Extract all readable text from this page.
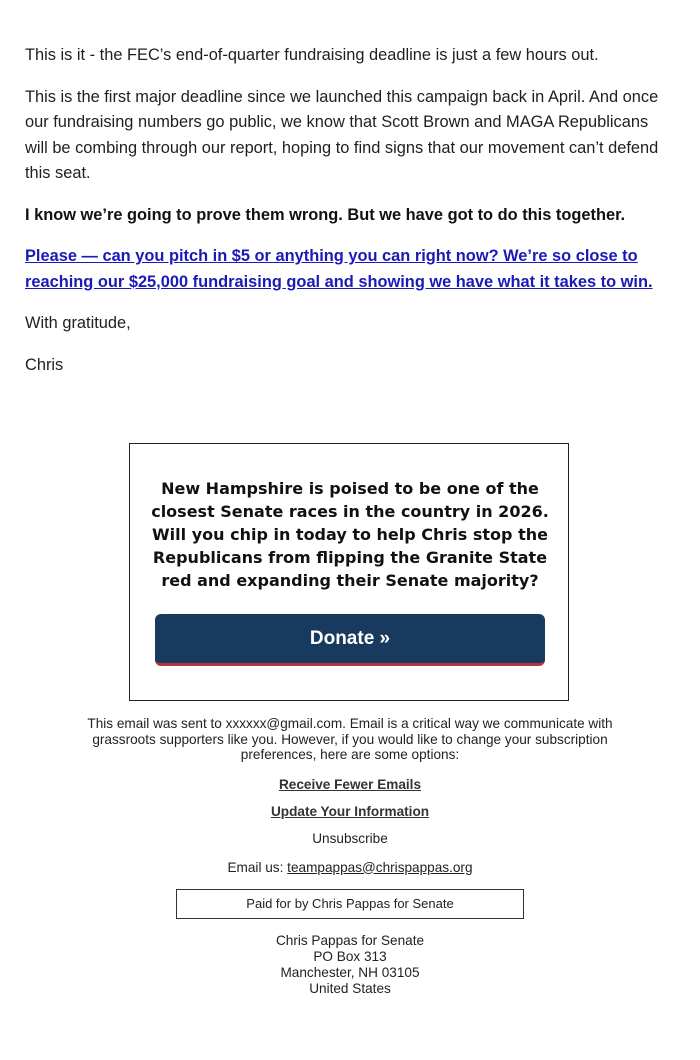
This is it - the FEC’s end-of-quarter fundraising deadline is just a few hours out.

This is the first major deadline since we launched this campaign back in April. And once our fundraising numbers go public, we know that Scott Brown and MAGA Republicans will be combing through our report, hoping to find signs that our movement can’t defend this seat.

I know we’re going to prove them wrong. But we have got to do this together.

Please — can you pitch in $5 or anything you can right now? We’re so close to reaching our $25,000 fundraising goal and showing we have what it takes to win.

With gratitude,

Chris

New Hampshire is poised to be one of the closest Senate races in the country in 2026. Will you chip in today to help Chris stop the Republicans from flipping the Granite State red and expanding their Senate majority?
Donate »
This email was sent to xxxxxx@gmail.com. Email is a critical way we communicate with grassroots supporters like you. However, if you would like to change your subscription preferences, here are some options:
Receive Fewer Emails
Update Your Information
Unsubscribe
Email us: teampappas@chrispappas.org
Paid for by Chris Pappas for Senate
Chris Pappas for Senate
PO Box 313
Manchester, NH 03105
United States
